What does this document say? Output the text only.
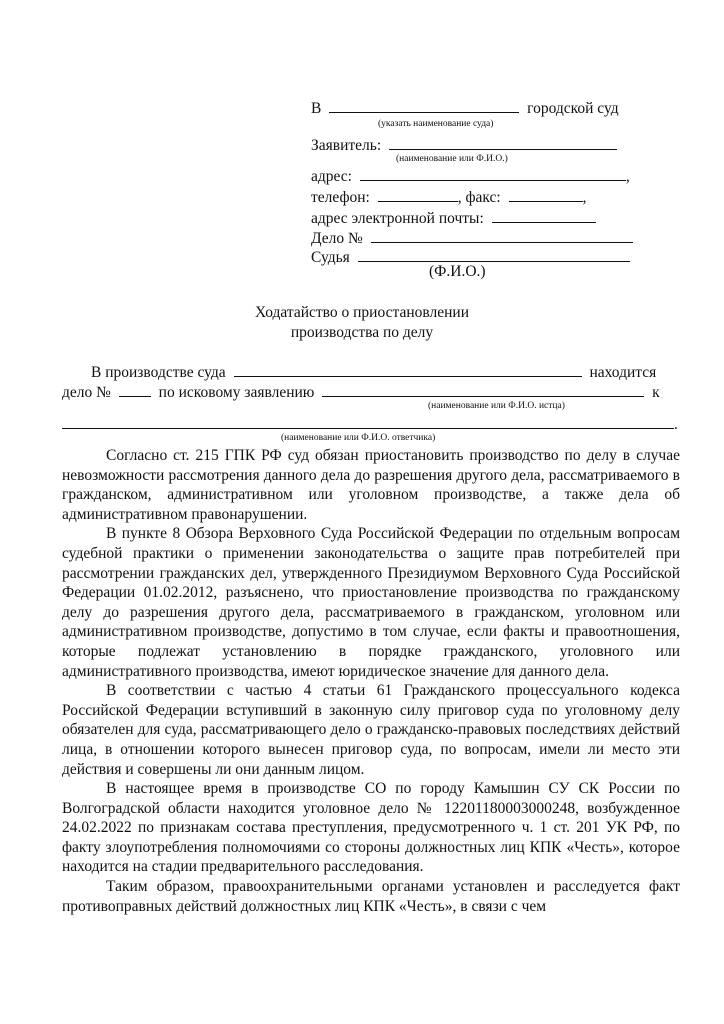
В	городской суд
(указать наименование суда)
Заявитель:
(наименование или Ф.И.О.)
адрес:	,
телефон:	, факс:	,
адрес электронной почты:
Дело №
Судья
(Ф.И.О.)
Ходатайство о приостановлении
производства по делу
В производстве суда	находится
дело №	по исковому заявлению	к
(наименование или Ф.И.О. истца)
.
(наименование или Ф.И.О. ответчика)

Согласно ст. 215 ГПК РФ суд обязан приостановить производство по делу в случае невозможности рассмотрения данного дела до разрешения другого дела, рассматриваемого в гражданском, административном или уголовном производстве, а также дела об административном правонарушении.

В пункте 8 Обзора Верховного Суда Российской Федерации по отдельным вопросам судебной практики о применении законодательства о защите прав потребителей при рассмотрении гражданских дел, утвержденного Президиумом Верховного Суда Российской Федерации 01.02.2012, разъяснено, что приостановление производства по гражданскому делу до разрешения другого дела, рассматриваемого в гражданском, уголовном или административном производстве, допустимо в том случае, если факты и правоотношения, которые подлежат установлению в порядке гражданского, уголовного или административного производства, имеют юридическое значение для данного дела.

В соответствии с частью 4 статьи 61 Гражданского процессуального кодекса Российской Федерации вступивший в законную силу приговор суда по уголовному делу обязателен для суда, рассматривающего дело о гражданско-правовых последствиях действий лица, в отношении которого вынесен приговор суда, по вопросам, имели ли место эти действия и совершены ли они данным лицом.

В настоящее время в производстве СО по городу Камышин СУ СК России по Волгоградской области находится уголовное дело № 12201180003000248, возбужденное 24.02.2022 по признакам состава преступления, предусмотренного ч. 1 ст. 201 УК РФ, по факту злоупотребления полномочиями со стороны должностных лиц КПК «Честь», которое находится на стадии предварительного расследования.

Таким образом, правоохранительными органами установлен и расследуется факт противоправных действий должностных лиц КПК «Честь», в связи с чем
